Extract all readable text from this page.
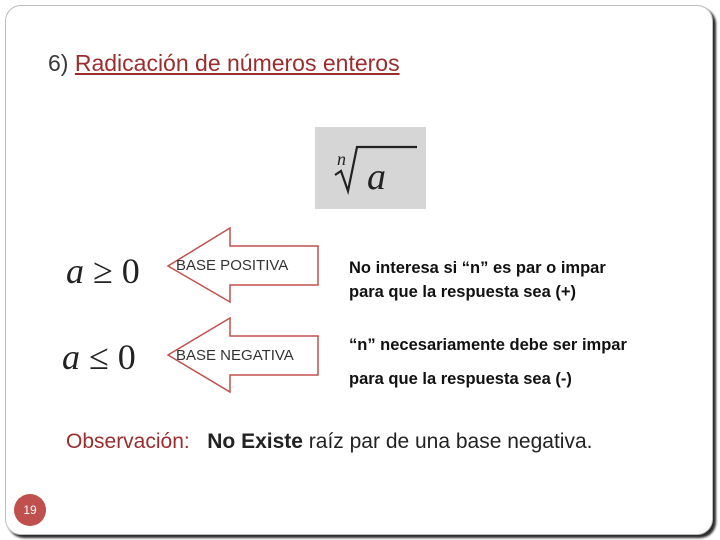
6) Radicación de números enteros
n a
BASE POSITIVA
BASE NEGATIVA
a ≥ 0
a ≤ 0
No interesa si “n” es par o impar
para que la respuesta sea (+)
“n” necesariamente debe ser impar
para que la respuesta sea (-)
Observación: No Existe raíz par de una base negativa.
19
